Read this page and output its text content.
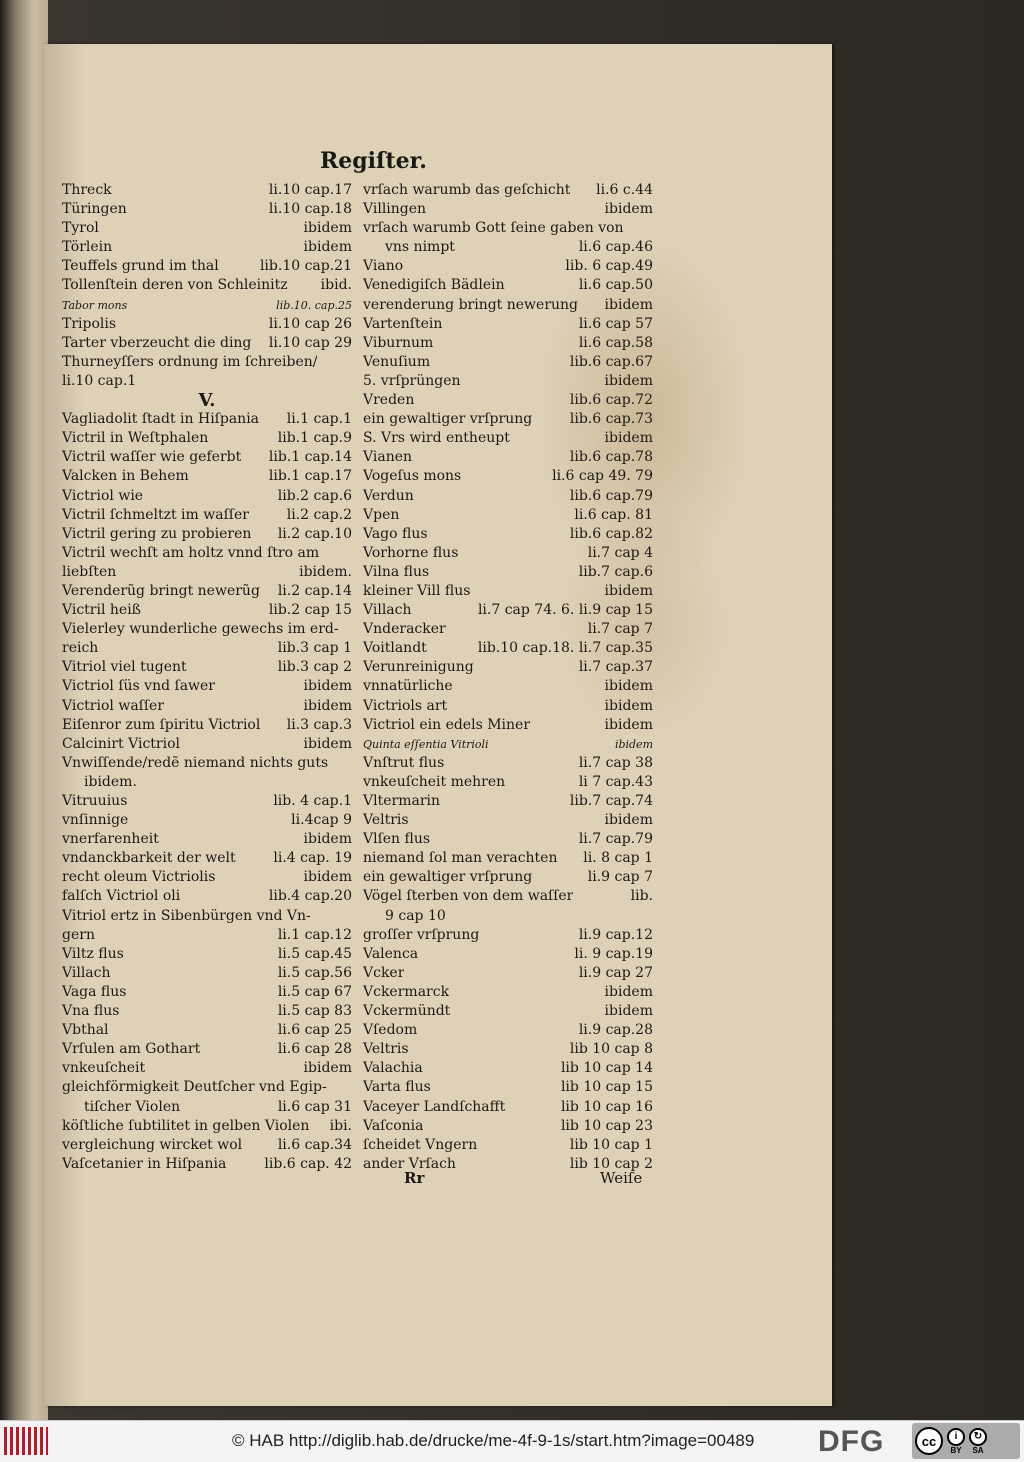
Regiſter.
Threck	li.10 cap.17
Türingen	li.10 cap.18
Tyrol	ibidem
Törlein	ibidem
Teuffels grund im thal	lib.10 cap.21
Tollenſtein deren von Schleinitz ibid.
Tabor mons	lib.10. cap.25
Tripolis	li.10 cap 26
Tarter vberzeucht die ding li.10 cap 29
Thurneyſſers ordnung im ſchreiben/
li.10 cap.1
V.
Vagliadolit ſtadt in Hiſpania li.1 cap.1
Victril in Weſtphalen	lib.1 cap.9
Victril waſſer wie geferbt lib.1 cap.14
Valcken in Behem	lib.1 cap.17
Victriol wie	lib.2 cap.6
Victril ſchmeltzt im waſſer	li.2 cap.2
Victril gering zu probieren li.2 cap.10
Victril wechſt am holtz vnnd ſtro am
liebſten	ibidem.
Verenderũg bringt newerũg li.2 cap.14
Victril heiß	lib.2 cap 15
Vielerley wunderliche gewechs im erd-
reich	lib.3 cap 1
Vitriol viel tugent	lib.3 cap 2
Victriol ſüs vnd ſawer	ibidem
Victriol waſſer	ibidem
Eiſenror zum ſpiritu Victriol li.3 cap.3
Calcinirt Victriol	ibidem
Vnwiſſende/redẽ niemand nichts guts
ibidem.
Vitruuius	lib. 4 cap.1
vnſinnige	li.4cap 9
vnerfarenheit	ibidem
vndanckbarkeit der welt	li.4 cap. 19
recht oleum Victriolis	ibidem
falſch Victriol oli	lib.4 cap.20
Vitriol ertz in Sibenbürgen vnd Vn-
gern	li.1 cap.12
Viltz flus	li.5 cap.45
Villach	li.5 cap.56
Vaga flus	li.5 cap 67
Vna flus	li.5 cap 83
Vbthal	li.6 cap 25
Vrſulen am Gothart	li.6 cap 28
vnkeuſcheit	ibidem
gleichförmigkeit Deutſcher vnd Egip-
tiſcher Violen	li.6 cap 31
köſtliche ſubtilitet in gelben Violen ibi.
vergleichung wircket wol	li.6 cap.34
Vaſcetanier in Hiſpania	lib.6 cap. 42
vrſach warumb das geſchicht li.6 c.44
Villingen	ibidem
vrſach warumb Gott ſeine gaben von
vns nimpt	li.6 cap.46
Viano	lib. 6 cap.49
Venedigiſch Bädlein	li.6 cap.50
verenderung bringt newerung ibidem
Vartenſtein	li.6 cap 57
Viburnum	li.6 cap.58
Venuſium	lib.6 cap.67
5. vrſprüngen	ibidem
Vreden	lib.6 cap.72
ein gewaltiger vrſprung	lib.6 cap.73
S. Vrs wird entheupt	ibidem
Vianen	lib.6 cap.78
Vogeſus mons	li.6 cap 49. 79
Verdun	lib.6 cap.79
Vpen	li.6 cap. 81
Vago flus	lib.6 cap.82
Vorhorne flus	li.7 cap 4
Vilna flus	lib.7 cap.6
kleiner Vill flus	ibidem
Villach	li.7 cap 74. 6. li.9 cap 15
Vnderacker	li.7 cap 7
Voitlandt	lib.10 cap.18. li.7 cap.35
Verunreinigung	li.7 cap.37
vnnatürliche	ibidem
Victriols art	ibidem
Victriol ein edels Miner	ibidem
Quinta eſſentia Vitrioli	ibidem
Vnſtrut flus	li.7 cap 38
vnkeuſcheit mehren	li 7 cap.43
Vltermarin	lib.7 cap.74
Veltris	ibidem
Vlſen flus	li.7 cap.79
niemand ſol man verachten li. 8 cap 1
ein gewaltiger vrſprung	li.9 cap 7
Vögel ſterben von dem waſſer	lib.
9 cap 10
groſſer vrſprung	li.9 cap.12
Valenca	li. 9 cap.19
Vcker	li.9 cap 27
Vckermarck	ibidem
Vckermündt	ibidem
Vſedom	li.9 cap.28
Veltris	lib 10 cap 8
Valachia	lib 10 cap 14
Varta flus	lib 10 cap 15
Vaceyer Landſchafft	lib 10 cap 16
Vaſconia	lib 10 cap 23
ſcheidet Vngern	lib 10 cap 1
ander Vrſach	lib 10 cap 2
Rr	Weiſe
© HAB http://diglib.hab.de/drucke/me-4f-9-1s/start.htm?image=00489 DFG	cc	i
BY
↻
SA
